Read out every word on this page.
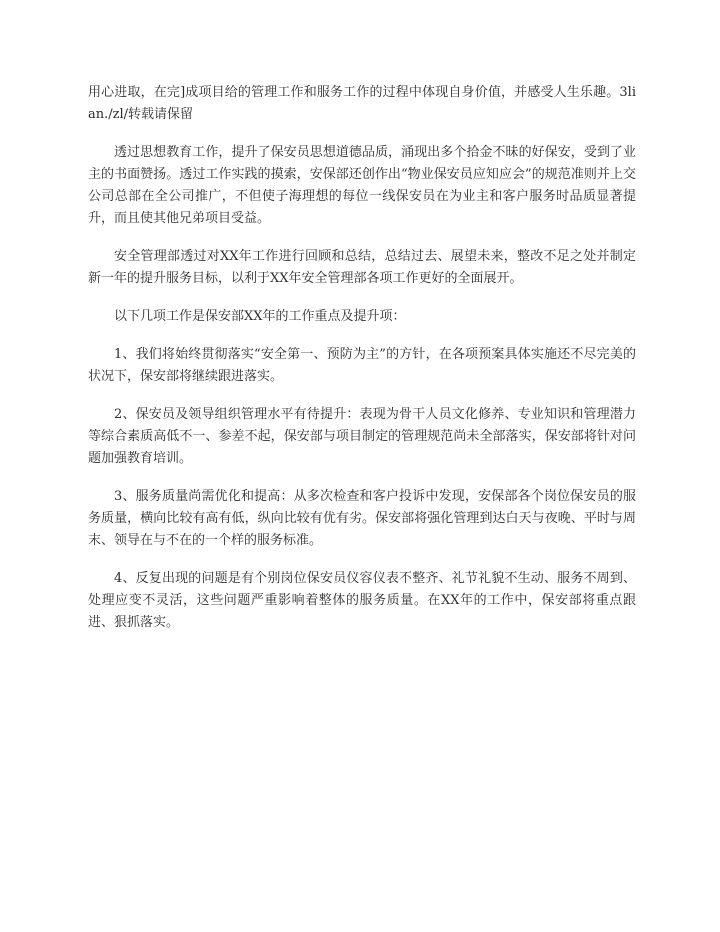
用心进取，在完]成项目给的管理工作和服务工作的过程中体现自身价值，并感受人生乐趣。3lian./zl/转载请保留

透过思想教育工作，提升了保安员思想道德品质，涌现出多个拾金不昧的好保安，受到了业主的书面赞扬。透过工作实践的摸索，安保部还创作出“物业保安员应知应会”的规范准则并上交公司总部在全公司推广，不但使子海理想的每位一线保安员在为业主和客户服务时品质显著提升，而且使其他兄弟项目受益。

安全管理部透过对XX年工作进行回顾和总结，总结过去、展望未来，整改不足之处并制定新一年的提升服务目标，以利于XX年安全管理部各项工作更好的全面展开。

以下几项工作是保安部XX年的工作重点及提升项：

1、我们将始终贯彻落实“安全第一、预防为主”的方针，在各项预案具体实施还不尽完美的状况下，保安部将继续跟进落实。

2、保安员及领导组织管理水平有待提升：表现为骨干人员文化修养、专业知识和管理潜力等综合素质高低不一、参差不起，保安部与项目制定的管理规范尚未全部落实，保安部将针对问题加强教育培训。

3、服务质量尚需优化和提高：从多次检查和客户投诉中发现，安保部各个岗位保安员的服务质量，横向比较有高有低，纵向比较有优有劣。保安部将强化管理到达白天与夜晚、平时与周末、领导在与不在的一个样的服务标准。

4、反复出现的问题是有个别岗位保安员仪容仪表不整齐、礼节礼貌不生动、服务不周到、处理应变不灵活，这些问题严重影响着整体的服务质量。在XX年的工作中，保安部将重点跟进、狠抓落实。
